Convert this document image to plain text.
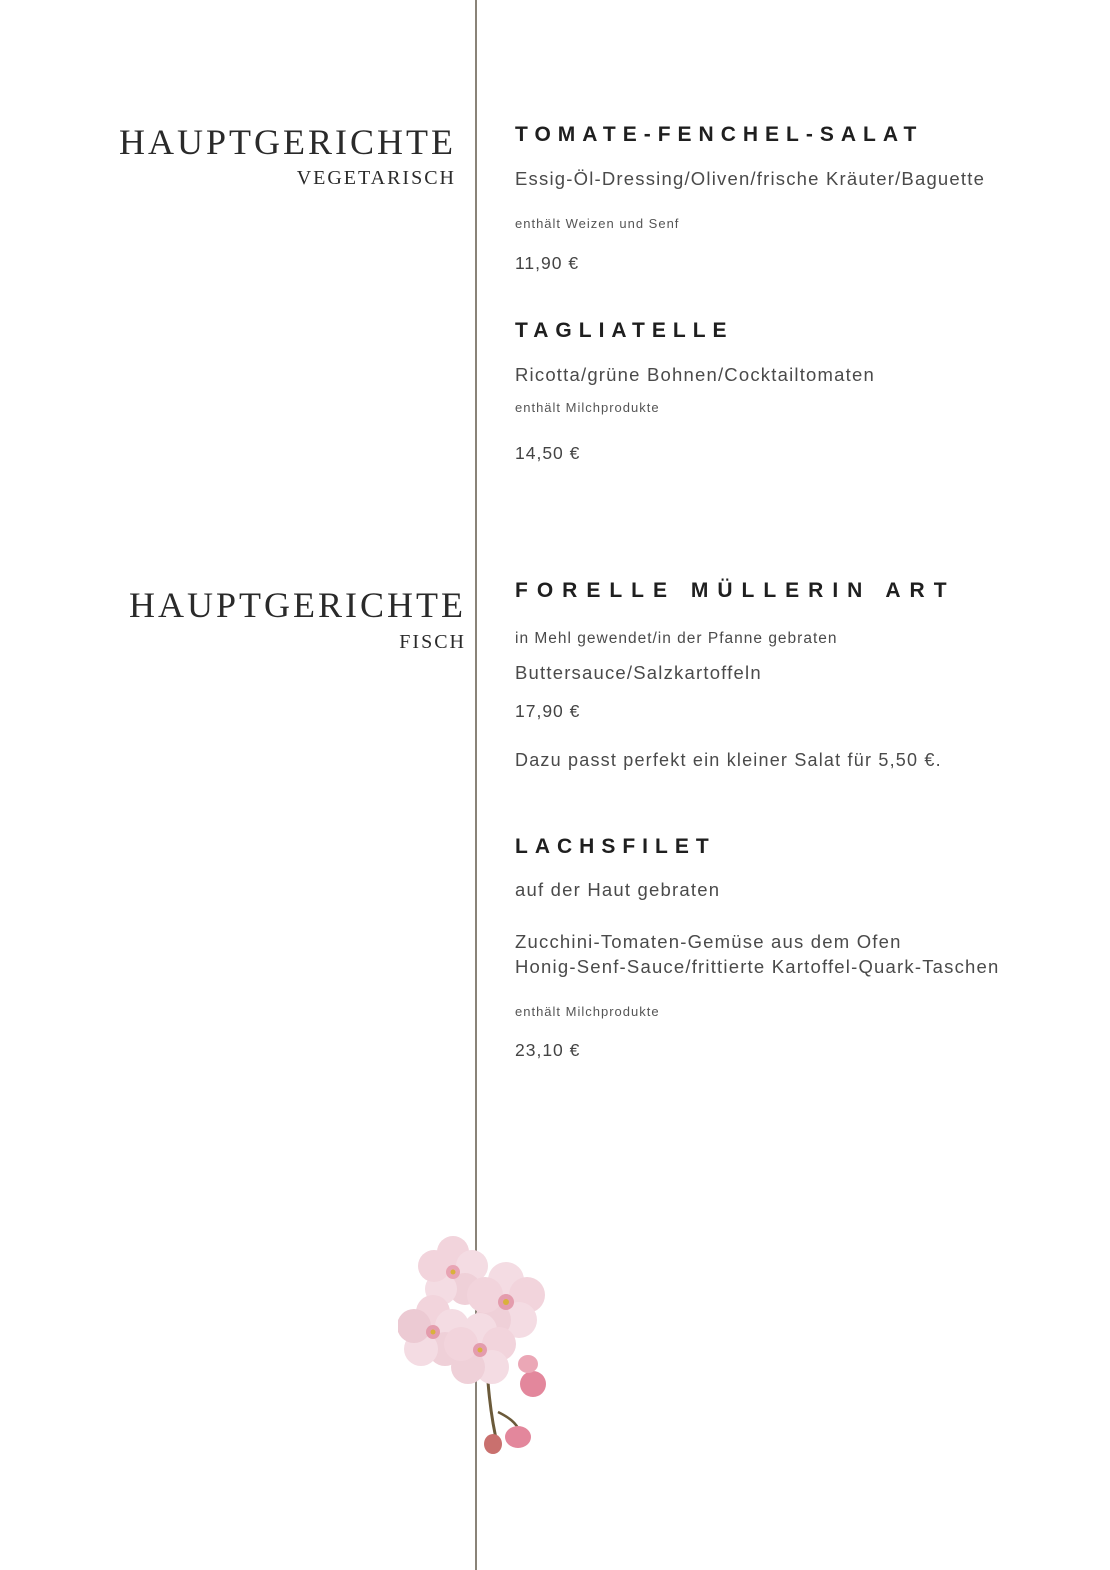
HAUPTGERICHTE
VEGETARISCH
TOMATE-FENCHEL-SALAT
Essig-Öl-Dressing/Oliven/frische Kräuter/Baguette
enthält Weizen und Senf
11,90 €
TAGLIATELLE
Ricotta/grüne Bohnen/Cocktailtomaten
enthält Milchprodukte
14,50 €
HAUPTGERICHTE
FISCH
FORELLE MÜLLERIN ART
in Mehl gewendet/in der Pfanne gebraten
Buttersauce/Salzkartoffeln
17,90 €
Dazu passt perfekt ein kleiner Salat für 5,50 €.
LACHSFILET
auf der Haut gebraten
Zucchini-Tomaten-Gemüse aus dem Ofen
Honig-Senf-Sauce/frittierte Kartoffel-Quark-Taschen
enthält Milchprodukte
23,10 €
